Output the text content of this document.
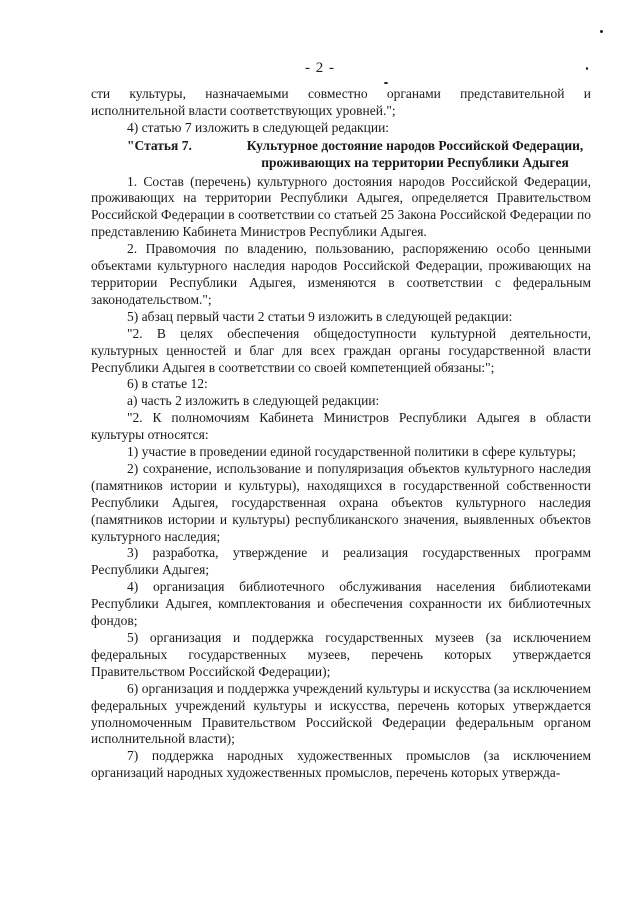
- 2 -

сти культуры, назначаемыми совместно органами представительной и исполнительной власти соответствующих уровней.";

4) статью 7 изложить в следующей редакции:

"Статья 7.	Культурное достояние народов Российской Федерации, проживающих на территории Республики Адыгея

1. Состав (перечень) культурного достояния народов Российской Федерации, проживающих на территории Республики Адыгея, определяется Правительством Российской Федерации в соответствии со статьей 25 Закона Российской Федерации по представлению Кабинета Министров Республики Адыгея.

2. Правомочия по владению, пользованию, распоряжению особо ценными объектами культурного наследия народов Российской Федерации, проживающих на территории Республики Адыгея, изменяются в соответствии с федеральным законодательством.";

5) абзац первый части 2 статьи 9 изложить в следующей редакции:

"2. В целях обеспечения общедоступности культурной деятельности, культурных ценностей и благ для всех граждан органы государственной власти Республики Адыгея в соответствии со своей компетенцией обязаны:";

6) в статье 12:

а) часть 2 изложить в следующей редакции:

"2. К полномочиям Кабинета Министров Республики Адыгея в области культуры относятся:

1) участие в проведении единой государственной политики в сфере культуры;

2) сохранение, использование и популяризация объектов культурного наследия (памятников истории и культуры), находящихся в государственной собственности Республики Адыгея, государственная охрана объектов культурного наследия (памятников истории и культуры) республиканского значения, выявленных объектов культурного наследия;

3) разработка, утверждение и реализация государственных программ Республики Адыгея;

4) организация библиотечного обслуживания населения библиотеками Республики Адыгея, комплектования и обеспечения сохранности их библиотечных фондов;

5) организация и поддержка государственных музеев (за исключением федеральных государственных музеев, перечень которых утверждается Правительством Российской Федерации);

6) организация и поддержка учреждений культуры и искусства (за исключением федеральных учреждений культуры и искусства, перечень которых утверждается уполномоченным Правительством Российской Федерации федеральным органом исполнительной власти);

7) поддержка народных художественных промыслов (за исключением организаций народных художественных промыслов, перечень которых утвержда-
